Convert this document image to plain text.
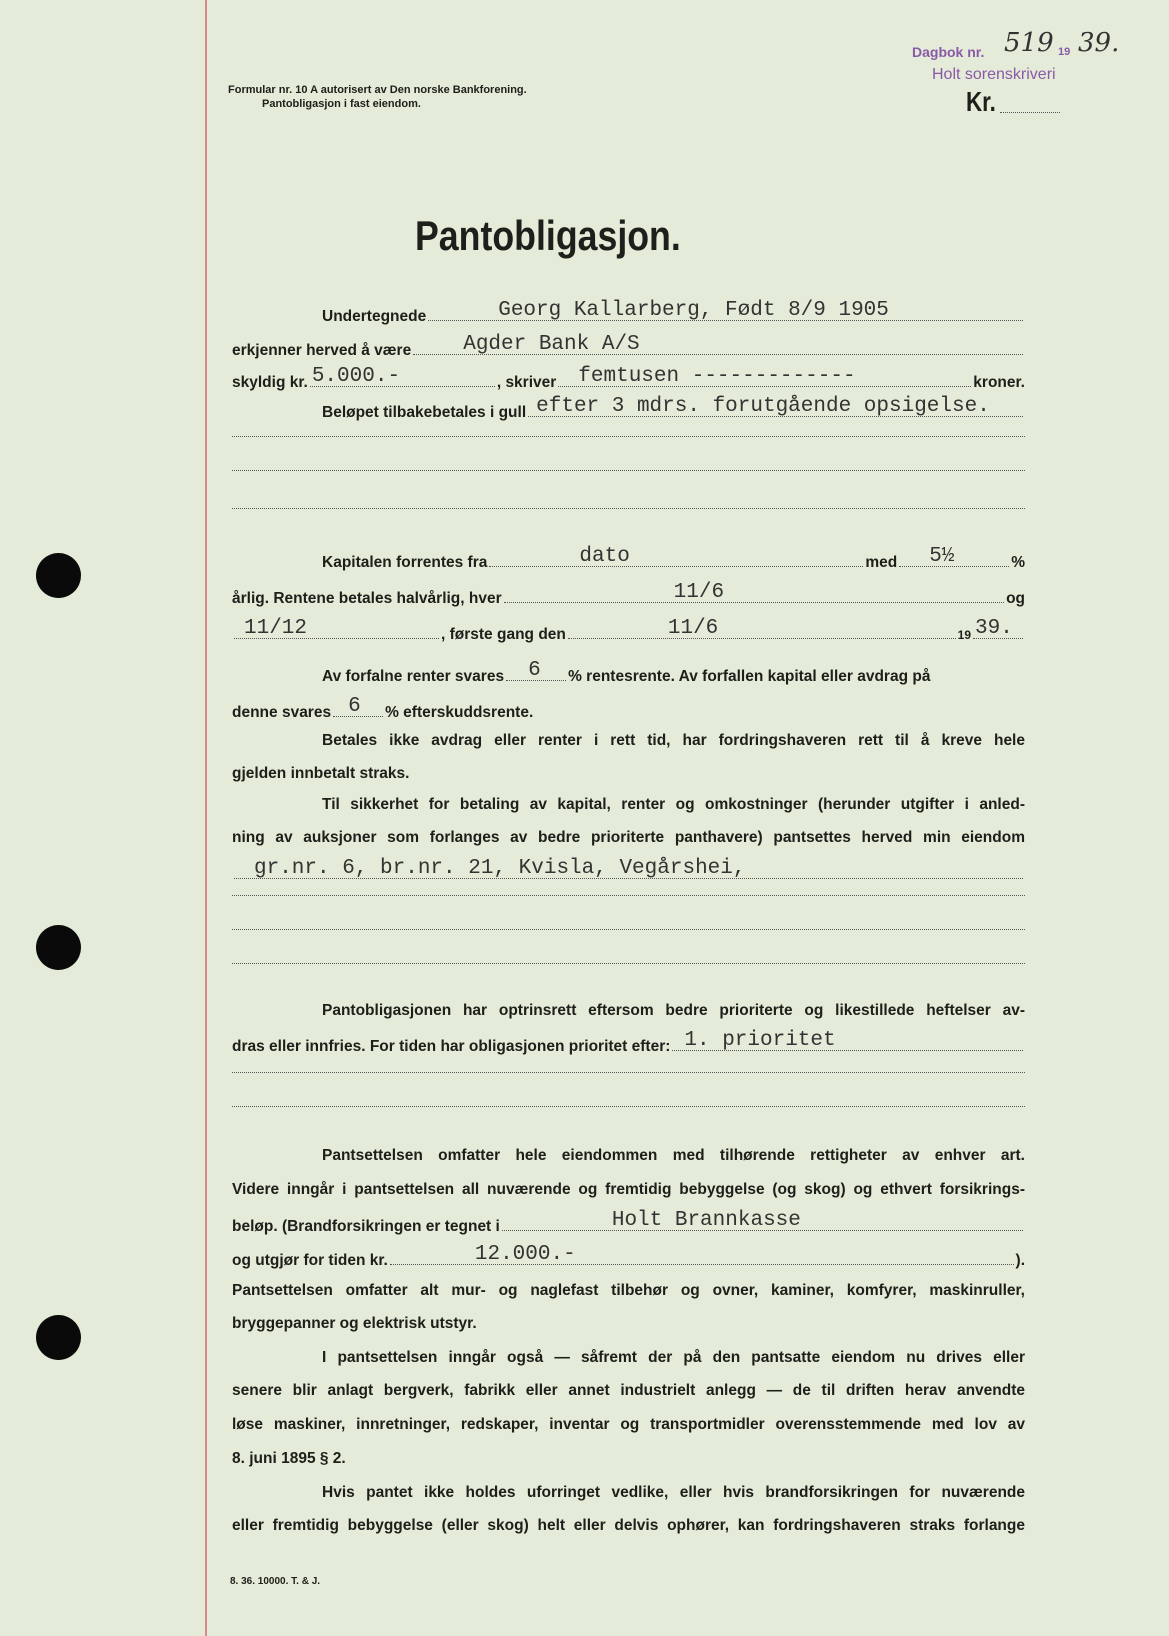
Formular nr. 10 A autorisert av Den norske Bankforening.
Pantobligasjon i fast eiendom.
Dagbok nr. 519 19 39.
Holt sorenskriveri
Kr.
Pantobligasjon.
Undertegnede	Georg Kallarberg, Født 8/9 1905
erkjenner herved å være Agder Bank A/S
skyldig kr. 5.000.-	, skriver femtusen -------------	kroner.
Beløpet tilbakebetales i gull efter 3 mdrs. forutgående opsigelse.
Kapitalen forrentes fra	dato	med 5½	%
årlig. Rentene betales halvårlig, hver	11/6	og
11/12	, første gang den	11/6	19 39.
Av forfalne renter svares 6 % rentesrente. Av forfallen kapital eller avdrag på
denne svares 6 % efterskuddsrente.
Betales ikke avdrag eller renter i rett tid, har fordringshaveren rett til å kreve hele
gjelden innbetalt straks.
Til sikkerhet for betaling av kapital, renter og omkostninger (herunder utgifter i anled-
ning av auksjoner som forlanges av bedre prioriterte panthavere) pantsettes herved min eiendom
gr.nr. 6, br.nr. 21, Kvisla, Vegårshei,
Pantobligasjonen har optrinsrett eftersom bedre prioriterte og likestillede heftelser av-
dras eller innfries. For tiden har obligasjonen prioritet efter: 1. prioritet
Pantsettelsen omfatter hele eiendommen med tilhørende rettigheter av enhver art.
Videre inngår i pantsettelsen all nuværende og fremtidig bebyggelse (og skog) og ethvert forsikrings-
beløp. (Brandforsikringen er tegnet i	Holt Brannkasse
og utgjør for tiden kr.	12.000.-	).
Pantsettelsen omfatter alt mur- og naglefast tilbehør og ovner, kaminer, komfyrer, maskinruller,
bryggepanner og elektrisk utstyr.
I pantsettelsen inngår også — såfremt der på den pantsatte eiendom nu drives eller
senere blir anlagt bergverk, fabrikk eller annet industrielt anlegg — de til driften herav anvendte
løse maskiner, innretninger, redskaper, inventar og transportmidler overensstemmende med lov av
8. juni 1895 § 2.
Hvis pantet ikke holdes uforringet vedlike, eller hvis brandforsikringen for nuværende
eller fremtidig bebyggelse (eller skog) helt eller delvis ophører, kan fordringshaveren straks forlange
8. 36. 10000. T. & J.
